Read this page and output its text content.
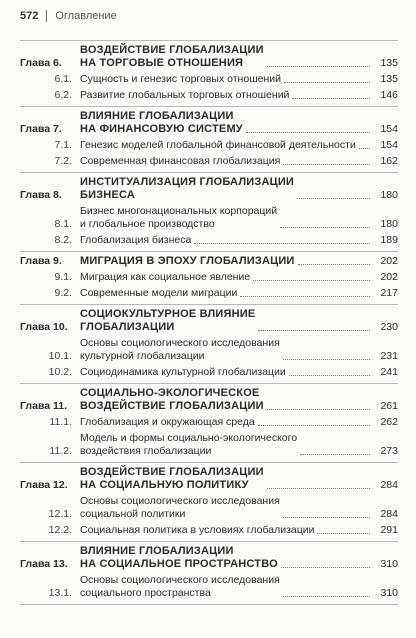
572 Оглавление
Глава 6.
ВОЗДЕЙСТВИЕ ГЛОБАЛИЗАЦИИ
НА ТОРГОВЫЕ ОТНОШЕНИЯ	135
6.1. Сущность и генезис торговых отношений	135
6.2. Развитие глобальных торговых отношений	146
Глава 7.
ВЛИЯНИЕ ГЛОБАЛИЗАЦИИ
НА ФИНАНСОВУЮ СИСТЕМУ	154
7.1. Генезис моделей глобальной финансовой деятельности	154
7.2. Современная финансовая глобализация	162
Глава 8.
ИНСТИТУАЛИЗАЦИЯ ГЛОБАЛИЗАЦИИ
БИЗНЕСА	180
8.1.
Бизнес многонациональных корпораций
и глобальное производство	180
8.2. Глобализация бизнеса	189
Глава 9.	МИГРАЦИЯ В ЭПОХУ ГЛОБАЛИЗАЦИИ	202
9.1. Миграция как социальное явление	202
9.2. Современные модели миграции	217
Глава 10.
СОЦИОКУЛЬТУРНОЕ ВЛИЯНИЕ
ГЛОБАЛИЗАЦИИ	230
10.1.
Основы социологического исследования
культурной глобализации	231
10.2. Социодинамика культурной глобализации	241
Глава 11.
СОЦИАЛЬНО-ЭКОЛОГИЧЕСКОЕ
ВОЗДЕЙСТВИЕ ГЛОБАЛИЗАЦИИ	261
11.1. Глобализация и окружающая среда	262
11.2.
Модель и формы социально-экологического
воздействия глобализации	273
Глава 12.
ВОЗДЕЙСТВИЕ ГЛОБАЛИЗАЦИИ
НА СОЦИАЛЬНУЮ ПОЛИТИКУ	284
12.1.
Основы социологического исследования
социальной политики	284
12.2. Социальная политика в условиях глобализации	291
Глава 13.
ВЛИЯНИЕ ГЛОБАЛИЗАЦИИ
НА СОЦИАЛЬНОЕ ПРОСТРАНСТВО	310
13.1.
Основы социологического исследования
социального пространства	310
